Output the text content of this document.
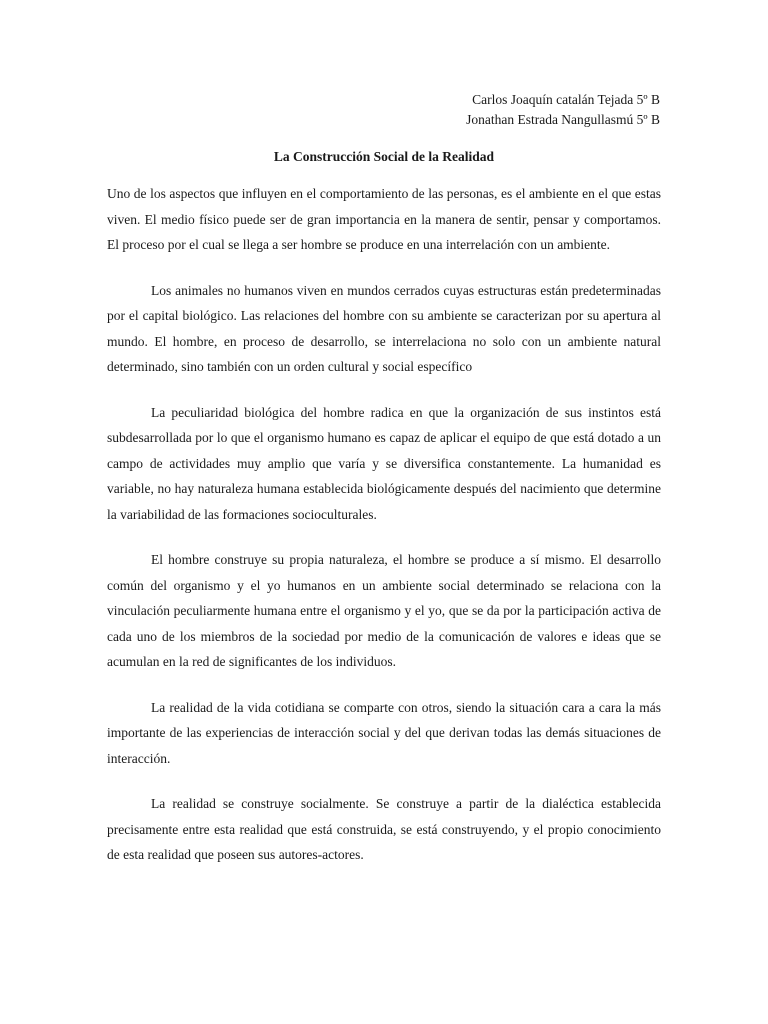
Carlos Joaquín catalán Tejada 5º B
Jonathan Estrada Nangullasmú 5º B
La Construcción Social de la Realidad

Uno de los aspectos que influyen en el comportamiento de las personas, es el ambiente en el que estas viven. El medio físico puede ser de gran importancia en la manera de sentir, pensar y comportamos. El proceso por el cual se llega a ser hombre se produce en una interrelación con un ambiente.

Los animales no humanos viven en mundos cerrados cuyas estructuras están predeterminadas por el capital biológico. Las relaciones del hombre con su ambiente se caracterizan por su apertura al mundo. El hombre, en proceso de desarrollo, se interrelaciona no solo con un ambiente natural determinado, sino también con un orden cultural y social específico

La peculiaridad biológica del hombre radica en que la organización de sus instintos está subdesarrollada por lo que el organismo humano es capaz de aplicar el equipo de que está dotado a un campo de actividades muy amplio que varía y se diversifica constantemente. La humanidad es variable, no hay naturaleza humana establecida biológicamente después del nacimiento que determine la variabilidad de las formaciones socioculturales.

El hombre construye su propia naturaleza, el hombre se produce a sí mismo. El desarrollo común del organismo y el yo humanos en un ambiente social determinado se relaciona con la vinculación peculiarmente humana entre el organismo y el yo, que se da por la participación activa de cada uno de los miembros de la sociedad por medio de la comunicación de valores e ideas que se acumulan en la red de significantes de los individuos.

La realidad de la vida cotidiana se comparte con otros, siendo la situación cara a cara la más importante de las experiencias de interacción social y del que derivan todas las demás situaciones de interacción.

La realidad se construye socialmente. Se construye a partir de la dialéctica establecida precisamente entre esta realidad que está construida, se está construyendo, y el propio conocimiento de esta realidad que poseen sus autores-actores.
